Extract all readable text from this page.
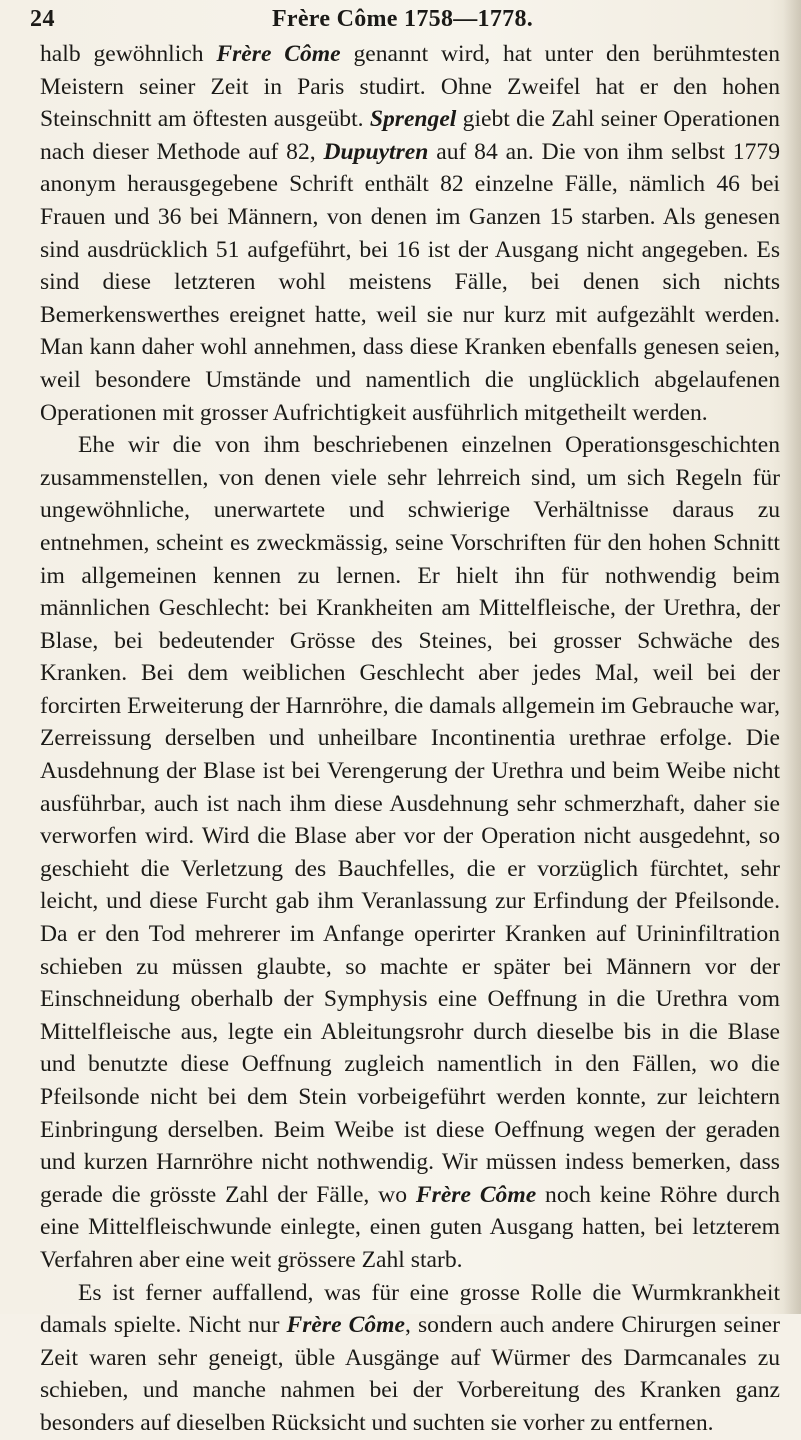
Frère Côme 1758—1778.
24

halb gewöhnlich Frère Côme genannt wird, hat unter den berühmtesten Meistern seiner Zeit in Paris studirt. Ohne Zweifel hat er den hohen Steinschnitt am öftesten ausgeübt. Sprengel giebt die Zahl seiner Operationen nach dieser Methode auf 82, Dupuytren auf 84 an. Die von ihm selbst 1779 anonym herausgegebene Schrift enthält 82 einzelne Fälle, nämlich 46 bei Frauen und 36 bei Männern, von denen im Ganzen 15 starben. Als genesen sind ausdrücklich 51 aufgeführt, bei 16 ist der Ausgang nicht angegeben. Es sind diese letzteren wohl meistens Fälle, bei denen sich nichts Bemerkenswerthes ereignet hatte, weil sie nur kurz mit aufgezählt werden. Man kann daher wohl annehmen, dass diese Kranken ebenfalls genesen seien, weil besondere Umstände und namentlich die unglücklich abgelaufenen Operationen mit grosser Aufrichtigkeit ausführlich mitgetheilt werden.

Ehe wir die von ihm beschriebenen einzelnen Operationsgeschichten zusammenstellen, von denen viele sehr lehrreich sind, um sich Regeln für ungewöhnliche, unerwartete und schwierige Verhältnisse daraus zu entnehmen, scheint es zweckmässig, seine Vorschriften für den hohen Schnitt im allgemeinen kennen zu lernen. Er hielt ihn für nothwendig beim männlichen Geschlecht: bei Krankheiten am Mittelfleische, der Urethra, der Blase, bei bedeutender Grösse des Steines, bei grosser Schwäche des Kranken. Bei dem weiblichen Geschlecht aber jedes Mal, weil bei der forcirten Erweiterung der Harnröhre, die damals allgemein im Gebrauche war, Zerreissung derselben und unheilbare Incontinentia urethrae erfolge. Die Ausdehnung der Blase ist bei Verengerung der Urethra und beim Weibe nicht ausführbar, auch ist nach ihm diese Ausdehnung sehr schmerzhaft, daher sie verworfen wird. Wird die Blase aber vor der Operation nicht ausgedehnt, so geschieht die Verletzung des Bauchfelles, die er vorzüglich fürchtet, sehr leicht, und diese Furcht gab ihm Veranlassung zur Erfindung der Pfeilsonde. Da er den Tod mehrerer im Anfange operirter Kranken auf Urininfiltration schieben zu müssen glaubte, so machte er später bei Männern vor der Einschneidung oberhalb der Symphysis eine Oeffnung in die Urethra vom Mittelfleische aus, legte ein Ableitungsrohr durch dieselbe bis in die Blase und benutzte diese Oeffnung zugleich namentlich in den Fällen, wo die Pfeilsonde nicht bei dem Stein vorbeigeführt werden konnte, zur leichtern Einbringung derselben. Beim Weibe ist diese Oeffnung wegen der geraden und kurzen Harnröhre nicht nothwendig. Wir müssen indess bemerken, dass gerade die grösste Zahl der Fälle, wo Frère Côme noch keine Röhre durch eine Mittelfleischwunde einlegte, einen guten Ausgang hatten, bei letzterem Verfahren aber eine weit grössere Zahl starb.

Es ist ferner auffallend, was für eine grosse Rolle die Wurmkrankheit damals spielte. Nicht nur Frère Côme, sondern auch andere Chirurgen seiner Zeit waren sehr geneigt, üble Ausgänge auf Würmer des Darmcanales zu schieben, und manche nahmen bei der Vorbereitung des Kranken ganz besonders auf dieselben Rücksicht und suchten sie vorher zu entfernen.
